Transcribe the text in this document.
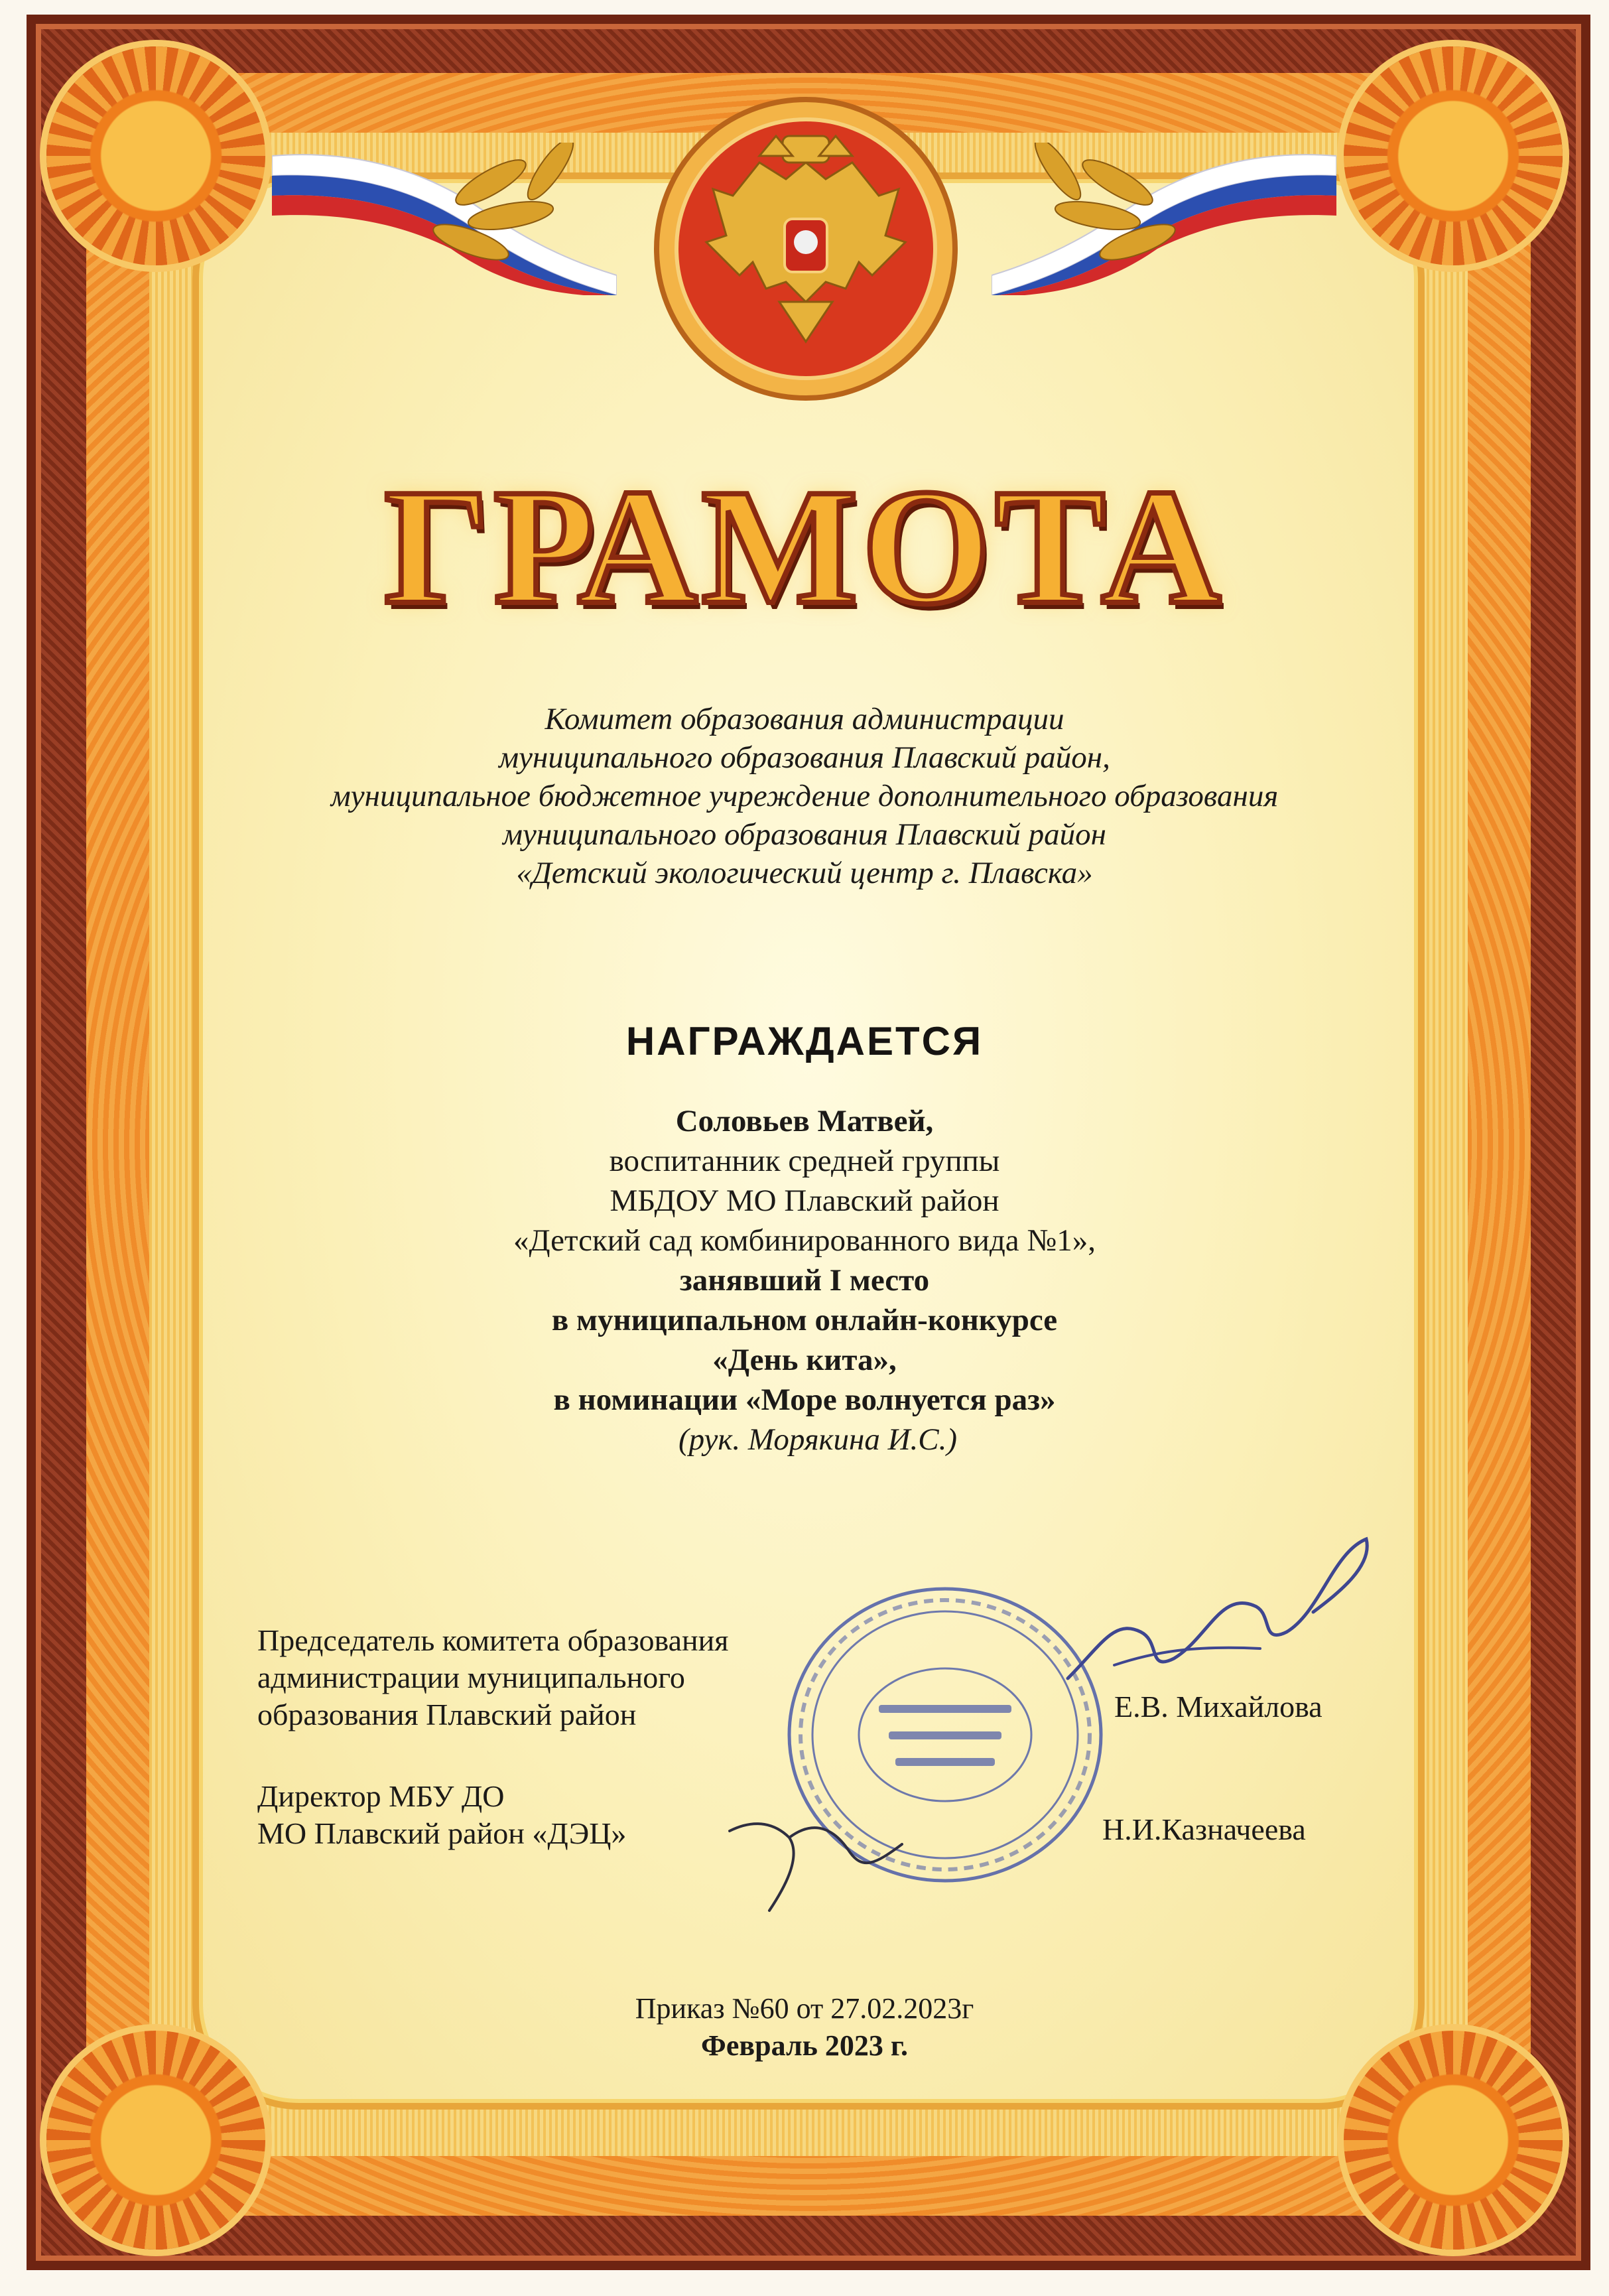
ГРАМОТА
Комитет образования администрации
муниципального образования Плавский район,
муниципальное бюджетное учреждение дополнительного образования
муниципального образования Плавский район
«Детский экологический центр г. Плавска»
НАГРАЖДАЕТСЯ
Соловьев Матвей,
воспитанник средней группы
МБДОУ МО Плавский район
«Детский сад комбинированного вида №1»,
занявший I место
в муниципальном онлайн-конкурсе
«День кита»,
в номинации «Море волнуется раз»
(рук. Морякина И.С.)
Председатель комитета образования
администрации муниципального
образования Плавский район
Директор МБУ ДО
МО Плавский район «ДЭЦ»
Е.В. Михайлова
Н.И.Казначеева
Приказ №60 от 27.02.2023г
Февраль 2023 г.
